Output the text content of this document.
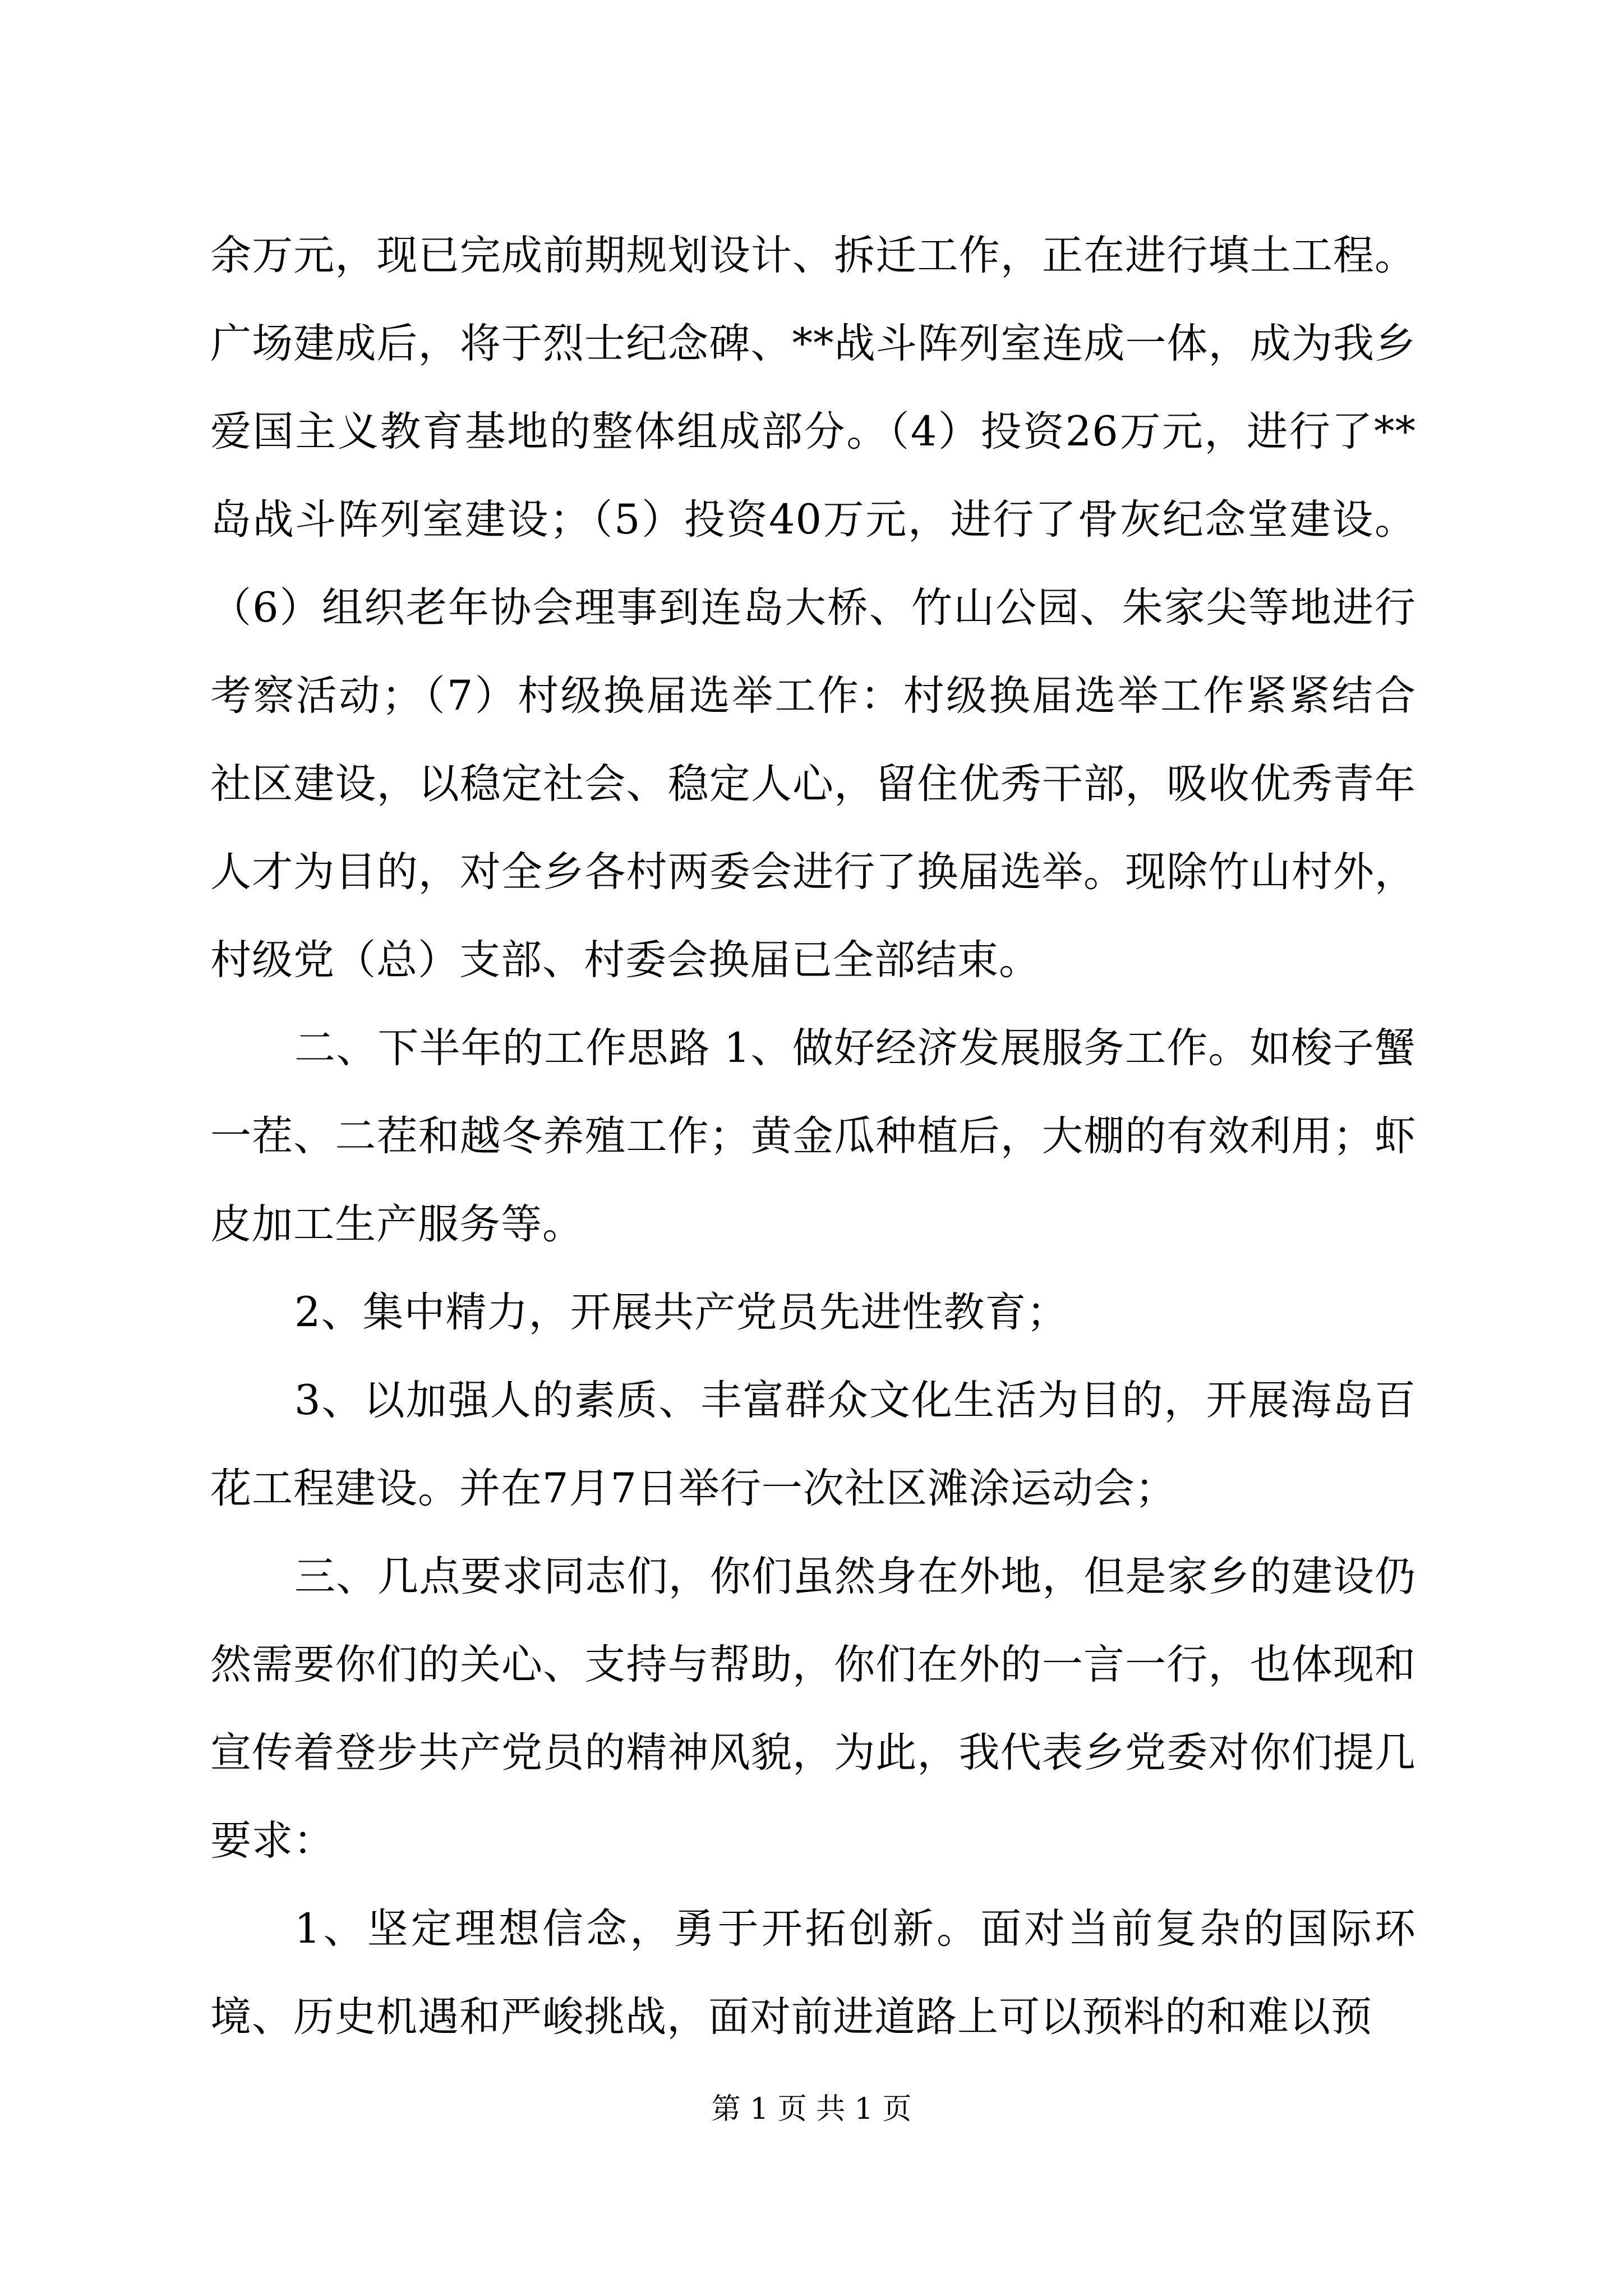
余万元，现已完成前期规划设计、拆迁工作，正在进行填土工程。广场建成后，将于烈士纪念碑、**战斗阵列室连成一体，成为我乡爱国主义教育基地的整体组成部分。（4）投资26万元，进行了**岛战斗阵列室建设；（5）投资40万元，进行了骨灰纪念堂建设。（6）组织老年协会理事到连岛大桥、竹山公园、朱家尖等地进行考察活动；（7）村级换届选举工作：村级换届选举工作紧紧结合社区建设，以稳定社会、稳定人心，留住优秀干部，吸收优秀青年人才为目的，对全乡各村两委会进行了换届选举。现除竹山村外，村级党（总）支部、村委会换届已全部结束。

二、下半年的工作思路 1、做好经济发展服务工作。如梭子蟹一茬、二茬和越冬养殖工作；黄金瓜种植后，大棚的有效利用；虾皮加工生产服务等。

2、集中精力，开展共产党员先进性教育；

3、以加强人的素质、丰富群众文化生活为目的，开展海岛百花工程建设。并在7月7日举行一次社区滩涂运动会；

三、几点要求同志们，你们虽然身在外地，但是家乡的建设仍然需要你们的关心、支持与帮助，你们在外的一言一行，也体现和宣传着登步共产党员的精神风貌，为此，我代表乡党委对你们提几要求：

1、坚定理想信念，勇于开拓创新。面对当前复杂的国际环境、历史机遇和严峻挑战，面对前进道路上可以预料的和难以预

第 1 页 共 1 页
